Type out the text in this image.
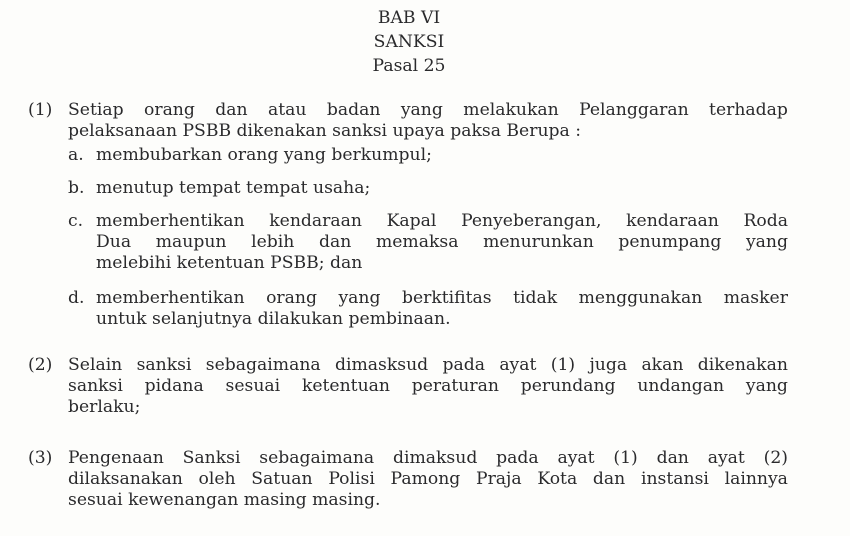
BAB VI
SANKSI
Pasal 25
(1) Setiap orang dan atau badan yang melakukan Pelanggaran terhadap
pelaksanaan PSBB dikenakan sanksi upaya paksa Berupa :
a. membubarkan orang yang berkumpul;
b. menutup tempat tempat usaha;
c. memberhentikan kendaraan Kapal Penyeberangan, kendaraan Roda
Dua maupun lebih dan memaksa menurunkan penumpang yang
melebihi ketentuan PSBB; dan
d. memberhentikan orang yang berktifitas tidak menggunakan masker
untuk selanjutnya dilakukan pembinaan.
(2) Selain sanksi sebagaimana dimasksud pada ayat (1) juga akan dikenakan
sanksi pidana sesuai ketentuan peraturan perundang undangan yang
berlaku;
(3) Pengenaan Sanksi sebagaimana dimaksud pada ayat (1) dan ayat (2)
dilaksanakan oleh Satuan Polisi Pamong Praja Kota dan instansi lainnya
sesuai kewenangan masing masing.
